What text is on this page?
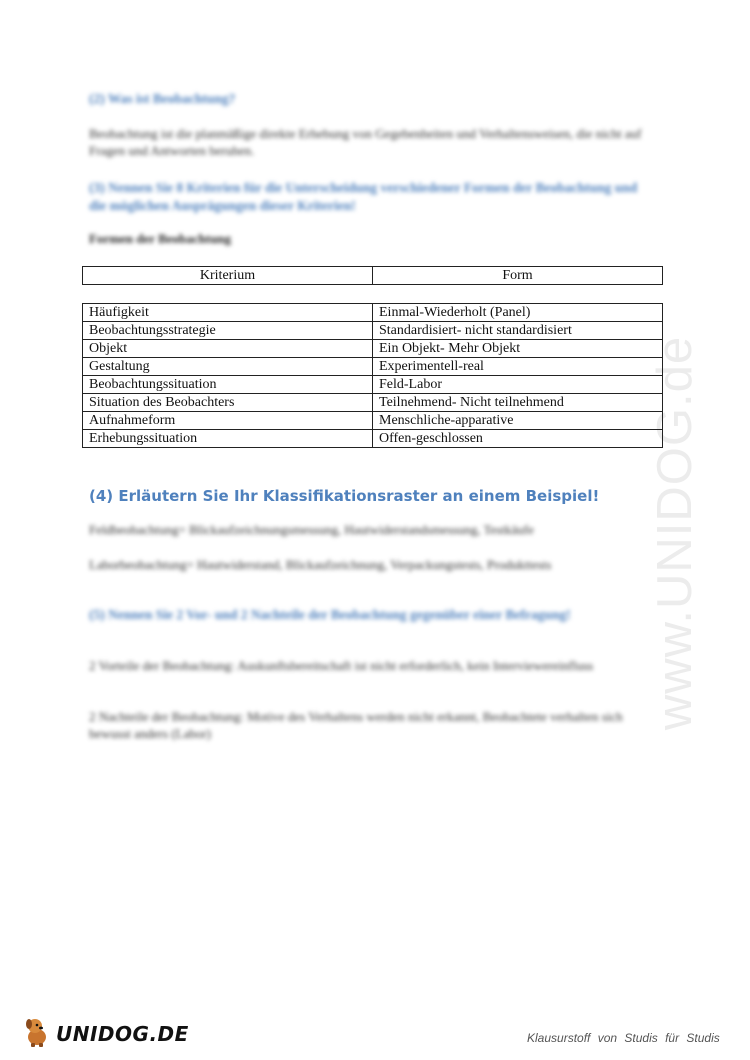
www.UNIDOG.de
(2) Was ist Beobachtung?
Beobachtung ist die planmäßige direkte Erhebung von Gegebenheiten und Verhaltensweisen, die nicht auf Fragen und Antworten beruhen.
(3) Nennen Sie 8 Kriterien für die Unterscheidung verschiedener Formen der Beobachtung und die möglichen Ausprägungen dieser Kriterien!
Formen der Beobachtung
Kriterium	Form
Häufigkeit	Einmal-Wiederholt (Panel)
Beobachtungsstrategie	Standardisiert- nicht standardisiert
Objekt	Ein Objekt- Mehr Objekt
Gestaltung	Experimentell-real
Beobachtungssituation	Feld-Labor
Situation des Beobachters	Teilnehmend- Nicht teilnehmend
Aufnahmeform	Menschliche-apparative
Erhebungssituation	Offen-geschlossen
(4) Erläutern Sie Ihr Klassifikationsraster an einem Beispiel!
Feldbeobachtung= Blickaufzeichnungsmessung, Hautwiderstandsmessung, Testkäufe
Laborbeobachtung= Hautwiderstand, Blickaufzeichnung, Verpackungstests, Produkttests
(5) Nennen Sie 2 Vor- und 2 Nachteile der Beobachtung gegenüber einer Befragung!
2 Vorteile der Beobachtung: Auskunftsbereitschaft ist nicht erforderlich, kein Interviewereinfluss
2 Nachteile der Beobachtung: Motive des Verhaltens werden nicht erkannt, Beobachtete verhalten sich bewusst anders (Labor)
UNIDOG.DE	Klausurstoff von Studis für Studis
